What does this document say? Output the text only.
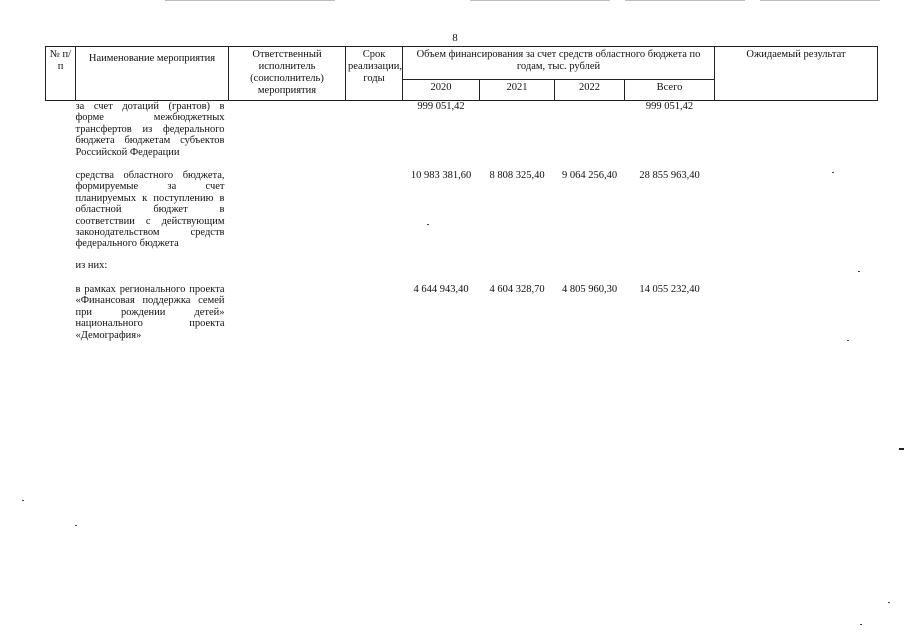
8
№ п/п	Наименование мероприятия	Ответственный исполнитель (соисполнитель) мероприятия	Срок реализации, годы	Объем финансирования за счет средств областного бюджета по годам, тыс. рублей				Ожидаемый результат
				2020	2021	2022	Всего	
за счет дотаций (грантов) в форме межбюджетных трансфертов из федерального бюджета бюджетам субъектов Российской Федерации				999 051,42			999 051,42	

средства областного бюджета, формируемые за счет планируемых к поступлению в областной бюджет в соответствии с действующим законодательством средств федерального бюджета				10 983 381,60	8 808 325,40	9 064 256,40	28 855 963,40	

из них:								

в рамках регионального проекта «Финансовая поддержка семей при рождении детей» национального проекта «Демография»				4 644 943,40	4 604 328,70	4 805 960,30	14 055 232,40	
